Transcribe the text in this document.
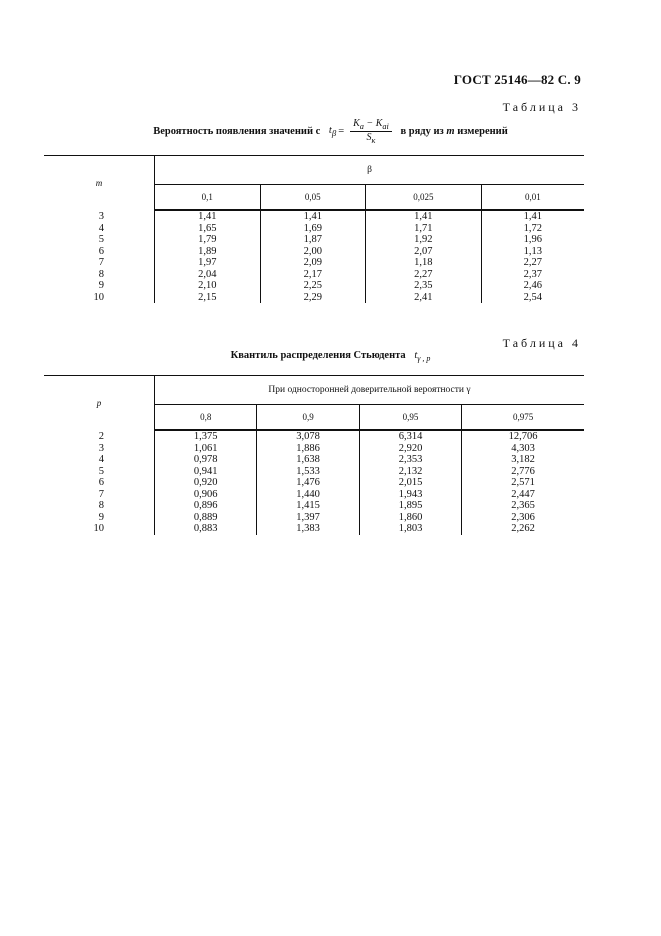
ГОСТ 25146—82 С. 9
Таблица 3
Вероятность появления значений с $t_\beta = \frac{K_a - K_{ai}}{S_к}$ в ряду из m измерений
m	β			
	0,1	0,05	0,025	0,01
3	1,41	1,41	1,41	1,41
4	1,65	1,69	1,71	1,72
5	1,79	1,87	1,92	1,96
6	1,89	2,00	2,07	1,13
7	1,97	2,09	1,18	2,27
8	2,04	2,17	2,27	2,37
9	2,10	2,25	2,35	2,46
10	2,15	2,29	2,41	2,54
Таблица 4
Квантиль распределения Стьюдента $t_{\gamma , p}$
p	При односторонней доверительной вероятности γ			
	0,8	0,9	0,95	0,975
2	1,375	3,078	6,314	12,706
3	1,061	1,886	2,920	4,303
4	0,978	1,638	2,353	3,182
5	0,941	1,533	2,132	2,776
6	0,920	1,476	2,015	2,571
7	0,906	1,440	1,943	2,447
8	0,896	1,415	1,895	2,365
9	0,889	1,397	1,860	2,306
10	0,883	1,383	1,803	2,262
